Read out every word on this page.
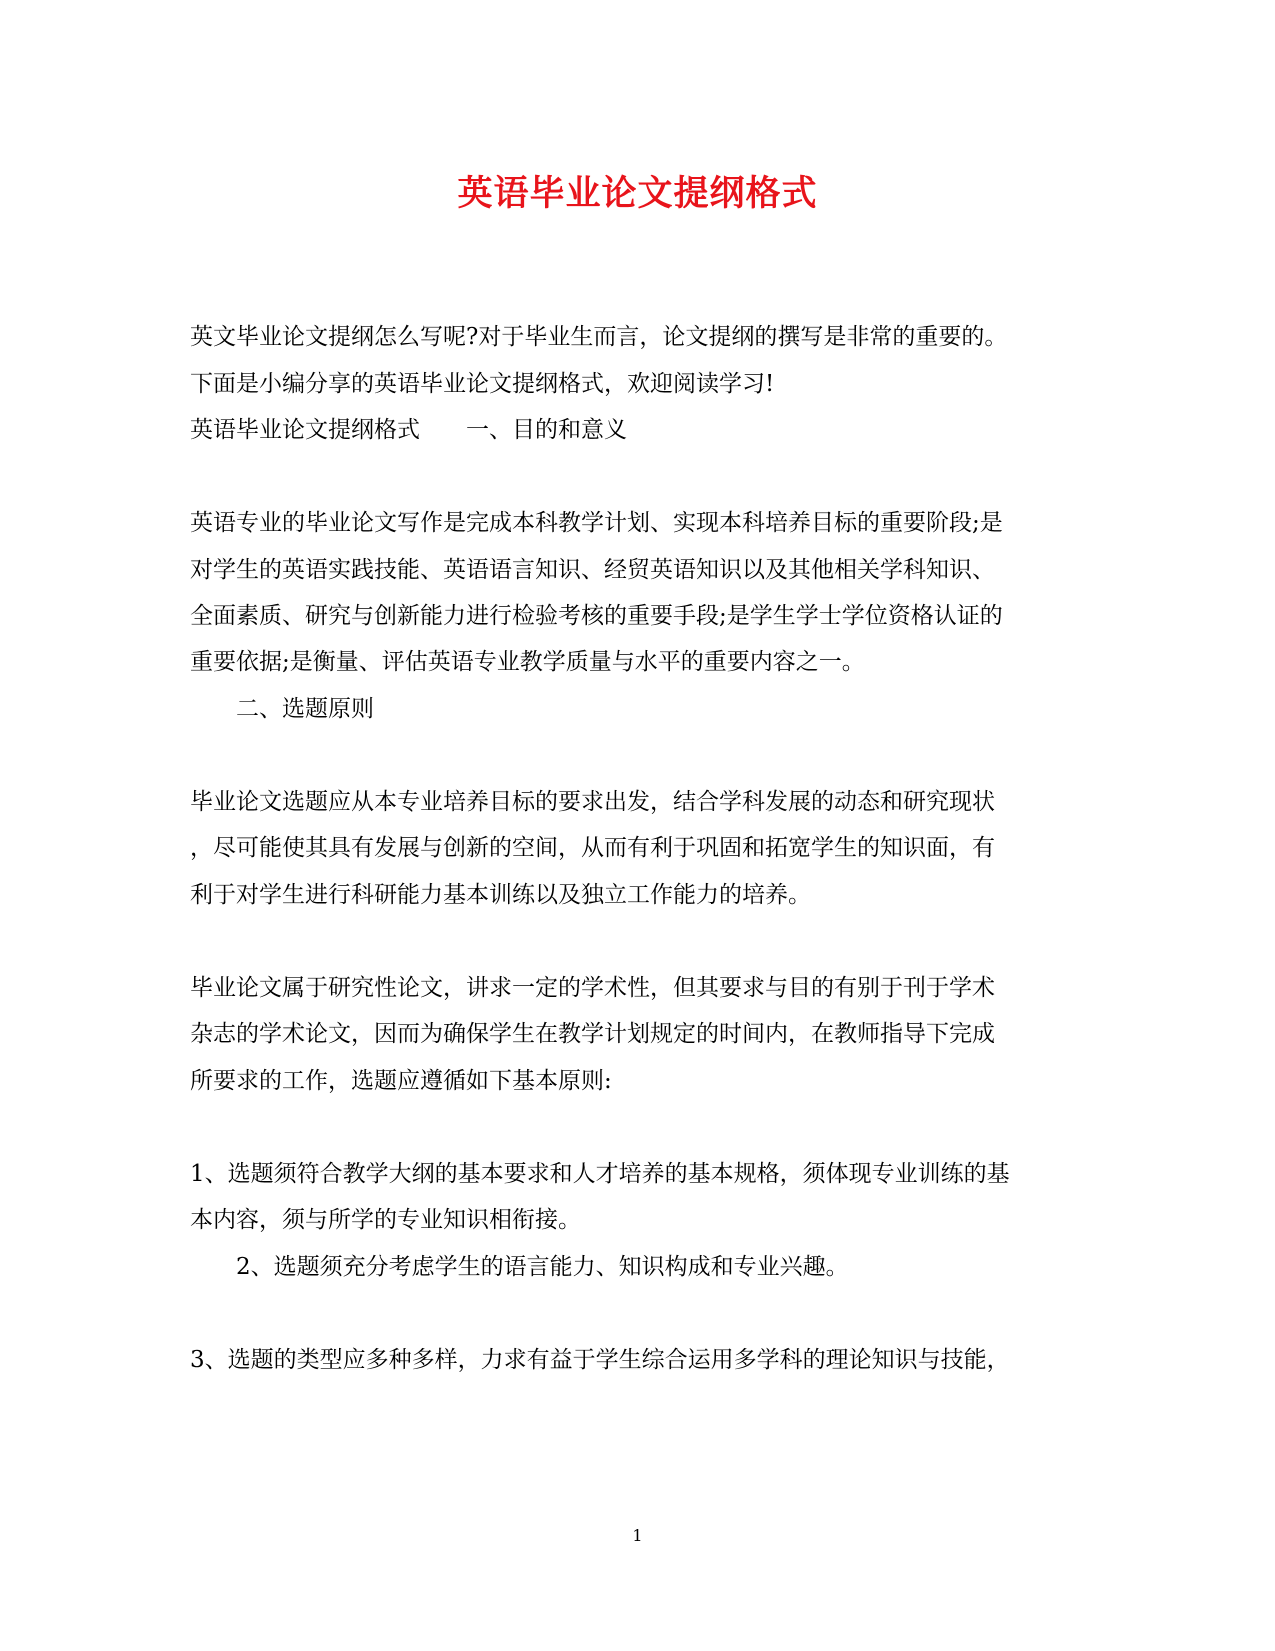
英语毕业论文提纲格式
英文毕业论文提纲怎么写呢?对于毕业生而言，论文提纲的撰写是非常的重要的。
下面是小编分享的英语毕业论文提纲格式，欢迎阅读学习!
英语毕业论文提纲格式　　一、目的和意义
英语专业的毕业论文写作是完成本科教学计划、实现本科培养目标的重要阶段;是
对学生的英语实践技能、英语语言知识、经贸英语知识以及其他相关学科知识、
全面素质、研究与创新能力进行检验考核的重要手段;是学生学士学位资格认证的
重要依据;是衡量、评估英语专业教学质量与水平的重要内容之一。
　　二、选题原则
毕业论文选题应从本专业培养目标的要求出发，结合学科发展的动态和研究现状
，尽可能使其具有发展与创新的空间，从而有利于巩固和拓宽学生的知识面，有
利于对学生进行科研能力基本训练以及独立工作能力的培养。
毕业论文属于研究性论文，讲求一定的学术性，但其要求与目的有别于刊于学术
杂志的学术论文，因而为确保学生在教学计划规定的时间内，在教师指导下完成
所要求的工作，选题应遵循如下基本原则:
1、选题须符合教学大纲的基本要求和人才培养的基本规格，须体现专业训练的基
本内容，须与所学的专业知识相衔接。
　　2、选题须充分考虑学生的语言能力、知识构成和专业兴趣。
3、选题的类型应多种多样，力求有益于学生综合运用多学科的理论知识与技能，
1
